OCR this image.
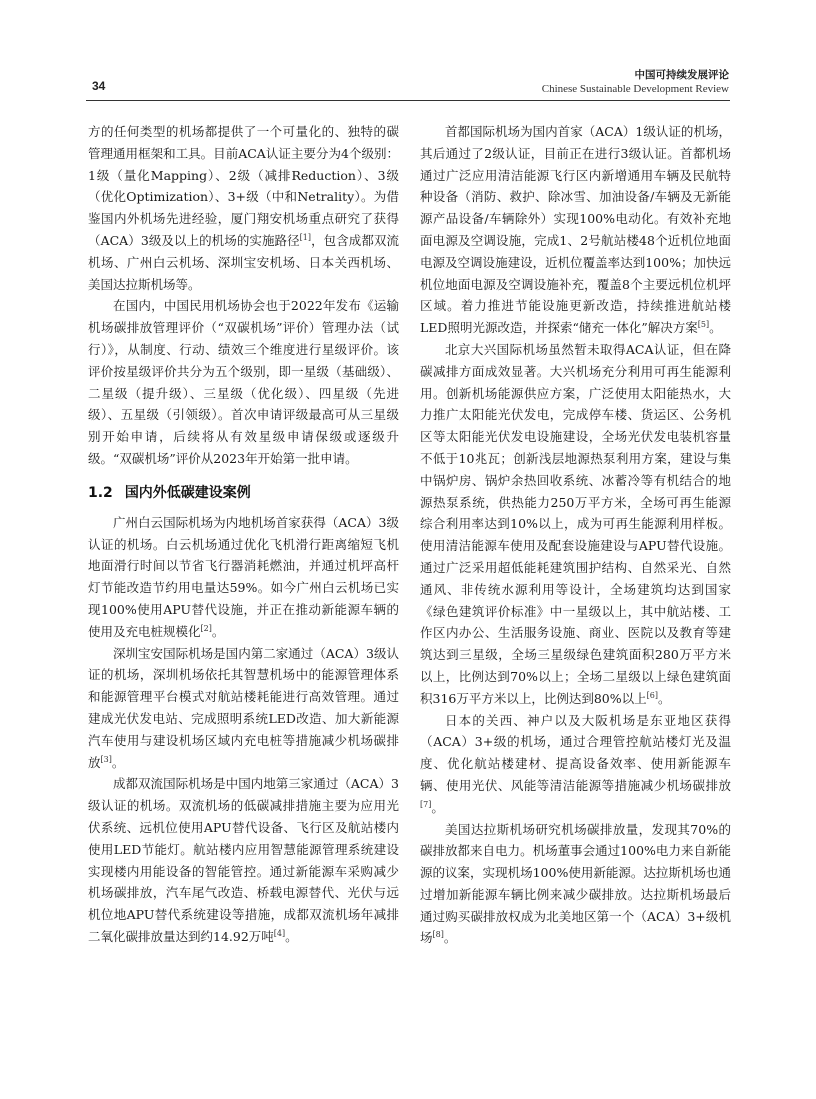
34
中国可持续发展评论
Chinese Sustainable Development Review

方的任何类型的机场都提供了一个可量化的、独特的碳管理通用框架和工具。目前ACA认证主要分为4个级别：1级（量化Mapping）、2级（减排Reduction）、3级（优化Optimization）、3+级（中和Netrality）。为借鉴国内外机场先进经验，厦门翔安机场重点研究了获得（ACA）3级及以上的机场的实施路径[1]，包含成都双流机场、广州白云机场、深圳宝安机场、日本关西机场、美国达拉斯机场等。

在国内，中国民用机场协会也于2022年发布《运输机场碳排放管理评价（“双碳机场”评价）管理办法（试行）》，从制度、行动、绩效三个维度进行星级评价。该评价按星级评价共分为五个级别，即一星级（基础级）、二星级（提升级）、三星级（优化级）、四星级（先进级）、五星级（引领级）。首次申请评级最高可从三星级别开始申请，后续将从有效星级申请保级或逐级升级。“双碳机场”评价从2023年开始第一批申请。

1.2 国内外低碳建设案例

广州白云国际机场为内地机场首家获得（ACA）3级认证的机场。白云机场通过优化飞机滑行距离缩短飞机地面滑行时间以节省飞行器消耗燃油，并通过机坪高杆灯节能改造节约用电量达59%。如今广州白云机场已实现100%使用APU替代设施，并正在推动新能源车辆的使用及充电桩规模化[2]。

深圳宝安国际机场是国内第二家通过（ACA）3级认证的机场，深圳机场依托其智慧机场中的能源管理体系和能源管理平台模式对航站楼耗能进行高效管理。通过建成光伏发电站、完成照明系统LED改造、加大新能源汽车使用与建设机场区域内充电桩等措施减少机场碳排放[3]。

成都双流国际机场是中国内地第三家通过（ACA）3级认证的机场。双流机场的低碳减排措施主要为应用光伏系统、远机位使用APU替代设备、飞行区及航站楼内使用LED节能灯。航站楼内应用智慧能源管理系统建设实现楼内用能设备的智能管控。通过新能源车采购减少机场碳排放，汽车尾气改造、桥载电源替代、光伏与远机位地APU替代系统建设等措施，成都双流机场年减排二氧化碳排放量达到约14.92万吨[4]。

首都国际机场为国内首家（ACA）1级认证的机场，其后通过了2级认证，目前正在进行3级认证。首都机场通过广泛应用清洁能源飞行区内新增通用车辆及民航特种设备（消防、救护、除冰雪、加油设备/车辆及无新能源产品设备/车辆除外）实现100%电动化。有效补充地面电源及空调设施，完成1、2号航站楼48个近机位地面电源及空调设施建设，近机位覆盖率达到100%；加快远机位地面电源及空调设施补充，覆盖8个主要远机位机坪区域。着力推进节能设施更新改造，持续推进航站楼LED照明光源改造，并探索“储充一体化”解决方案[5]。

北京大兴国际机场虽然暂未取得ACA认证，但在降碳减排方面成效显著。大兴机场充分利用可再生能源利用。创新机场能源供应方案，广泛使用太阳能热水，大力推广太阳能光伏发电，完成停车楼、货运区、公务机区等太阳能光伏发电设施建设，全场光伏发电装机容量不低于10兆瓦；创新浅层地源热泵利用方案，建设与集中锅炉房、锅炉余热回收系统、冰蓄冷等有机结合的地源热泵系统，供热能力250万平方米，全场可再生能源综合利用率达到10%以上，成为可再生能源利用样板。使用清洁能源车使用及配套设施建设与APU替代设施。通过广泛采用超低能耗建筑围护结构、自然采光、自然通风、非传统水源利用等设计，全场建筑均达到国家《绿色建筑评价标准》中一星级以上，其中航站楼、工作区内办公、生活服务设施、商业、医院以及教育等建筑达到三星级，全场三星级绿色建筑面积280万平方米以上，比例达到70%以上；全场二星级以上绿色建筑面积316万平方米以上，比例达到80%以上[6]。

日本的关西、神户以及大阪机场是东亚地区获得（ACA）3+级的机场，通过合理管控航站楼灯光及温度、优化航站楼建材、提高设备效率、使用新能源车辆、使用光伏、风能等清洁能源等措施减少机场碳排放[7]。

美国达拉斯机场研究机场碳排放量，发现其70%的碳排放都来自电力。机场董事会通过100%电力来自新能源的议案，实现机场100%使用新能源。达拉斯机场也通过增加新能源车辆比例来减少碳排放。达拉斯机场最后通过购买碳排放权成为北美地区第一个（ACA）3+级机场[8]。
